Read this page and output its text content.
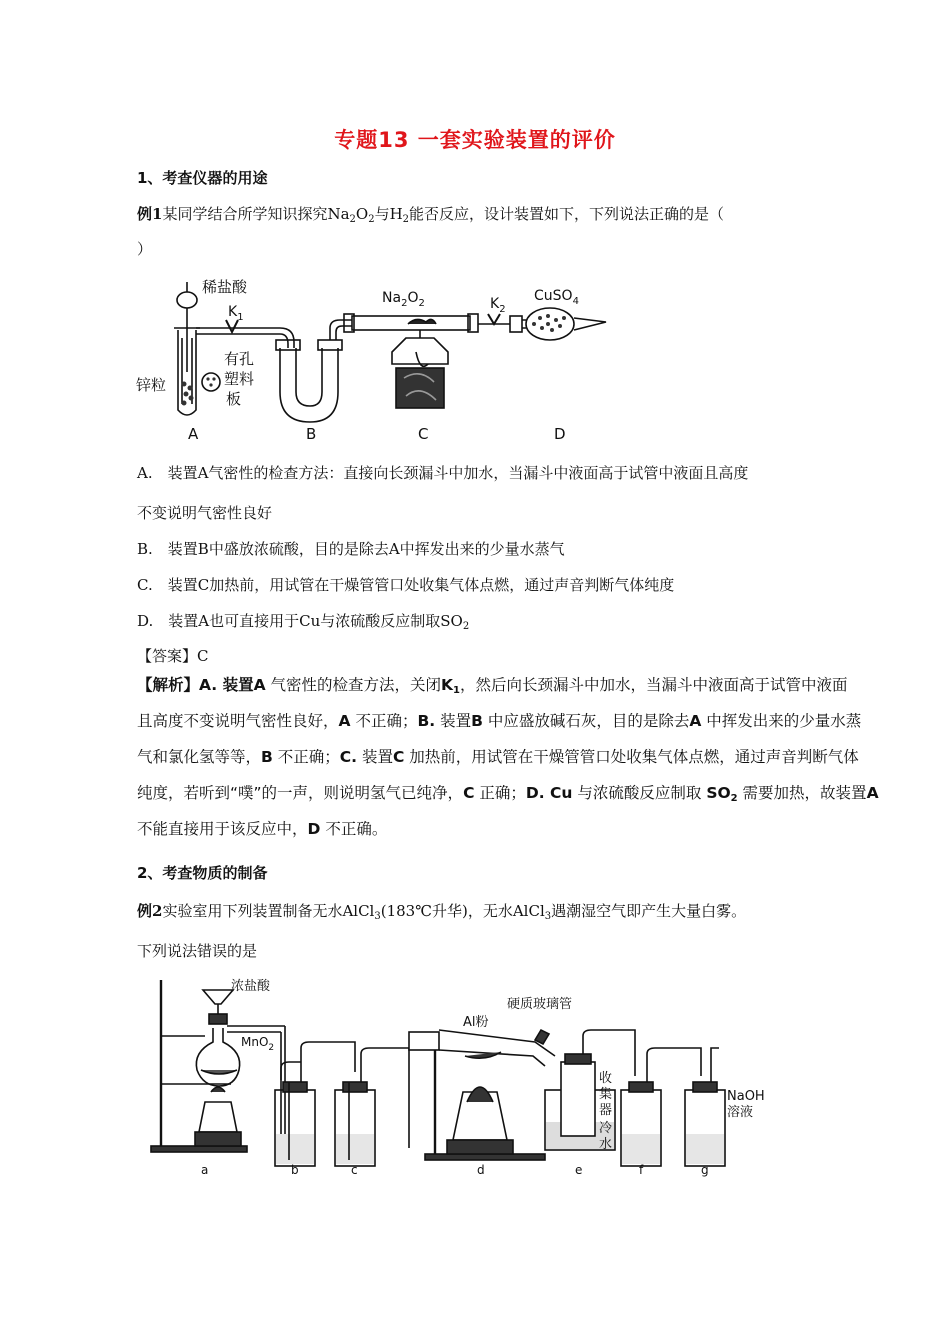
专题13 一套实验装置的评价
1、考查仪器的用途
例1某同学结合所学知识探究$Na_2O_2$与$H_2$能否反应，设计装置如下，下列说法正确的是（
）
稀盐酸
$K_1$
有孔
塑料
板
锌粒
$Na_2O_2$	$K_2$
CuSO$_4$
A	B	C	D
A.　装置A气密性的检查方法：直接向长颈漏斗中加水，当漏斗中液面高于试管中液面且高度
不变说明气密性良好
B.　装置B中盛放浓硫酸，目的是除去A中挥发出来的少量水蒸气
C.　装置C加热前，用试管在干燥管管口处收集气体点燃，通过声音判断气体纯度
D.　装置A也可直接用于Cu与浓硫酸反应制取$SO_2$
【答案】C
【解析】A. 装置A 气密性的检查方法，关闭$K_1$，然后向长颈漏斗中加水，当漏斗中液面高于试管中液面
且高度不变说明气密性良好，A 不正确；B. 装置B 中应盛放碱石灰，目的是除去A 中挥发出来的少量水蒸
气和氯化氢等等，B 不正确；C. 装置C 加热前，用试管在干燥管管口处收集气体点燃，通过声音判断气体
纯度，若听到“噗”的一声，则说明氢气已纯净，C 正确；D. Cu 与浓硫酸反应制取 $SO_2$ 需要加热，故装置A
不能直接用于该反应中，D 不正确。
2、考查物质的制备
例2实验室用下列装置制备无水AlCl$_3$(183℃升华)，无水AlCl$_3$遇潮湿空气即产生大量白雾。
下列说法错误的是
浓盐酸
MnO$_2$
Al粉
硬质玻璃管
收
集
器
冷
水
NaOH
溶液
a	b	c	d	e	f	g
